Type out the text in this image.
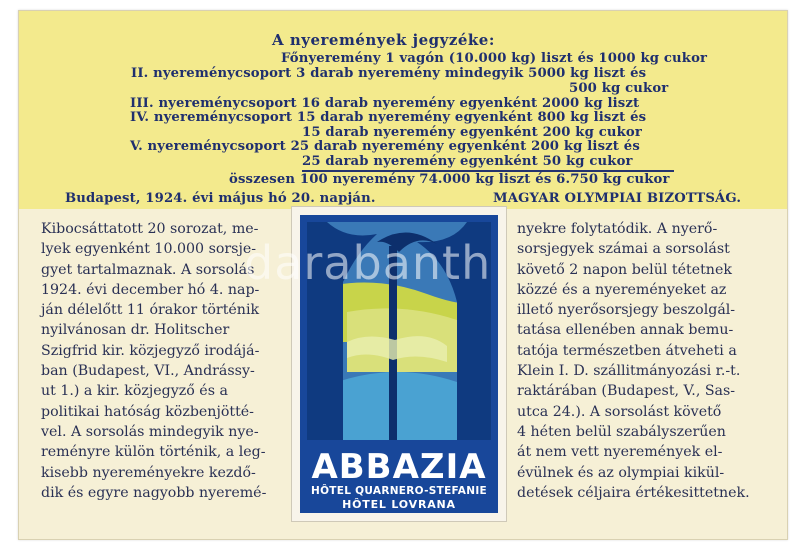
A nyeremények jegyzéke:
Főnyeremény 1 vagón (10.000 kg) liszt és 1000 kg cukor
II. nyereménycsoport 3 darab nyeremény mindegyik 5000 kg liszt és
500 kg cukor
III. nyereménycsoport 16 darab nyeremény egyenként 2000 kg liszt
IV. nyereménycsoport 15 darab nyeremény egyenként 800 kg liszt és
15 darab nyeremény egyenként 200 kg cukor
V. nyereménycsoport 25 darab nyeremény egyenként 200 kg liszt és
25 darab nyeremény egyenként 50 kg cukor
összesen 100 nyeremény 74.000 kg liszt és 6.750 kg cukor
Budapest, 1924. évi május hó 20. napján.	MAGYAR OLYMPIAI BIZOTTSÁG.
Kibocsáttatott 20 sorozat, me-
lyek egyenként 10.000 sorsje-
gyet tartalmaznak. A sorsolás
1924. évi december hó 4. nap-
ján délelőtt 11 órakor történik
nyilvánosan dr. Holitscher
Szigfrid kir. közjegyző irodájá-
ban (Budapest, VI., Andrássy-
ut 1.) a kir. közjegyző és a
politikai hatóság közbenjötté-
vel. A sorsolás mindegyik nye-
reményre külön történik, a leg-
kisebb nyereményekre kezdő-
dik és egyre nagyobb nyeremé-
nyekre folytatódik. A nyerő-
sorsjegyek számai a sorsolást
követő 2 napon belül tétetnek
közzé és a nyereményeket az
illető nyerősorsjegy beszolgál-
tatása ellenében annak bemu-
tatója természetben átveheti a
Klein I. D. szállitmányozási r.-t.
raktárában (Budapest, V., Sas-
utca 24.). A sorsolást követő
4 héten belül szabályszerűen
át nem vett nyeremények el-
évülnek és az olympiai kikül-
detések céljaira értékesittetnek.
ABBAZIA
HÔTEL QUARNERO-STEFANIE
HÔTEL LOVRANA
darabanth
